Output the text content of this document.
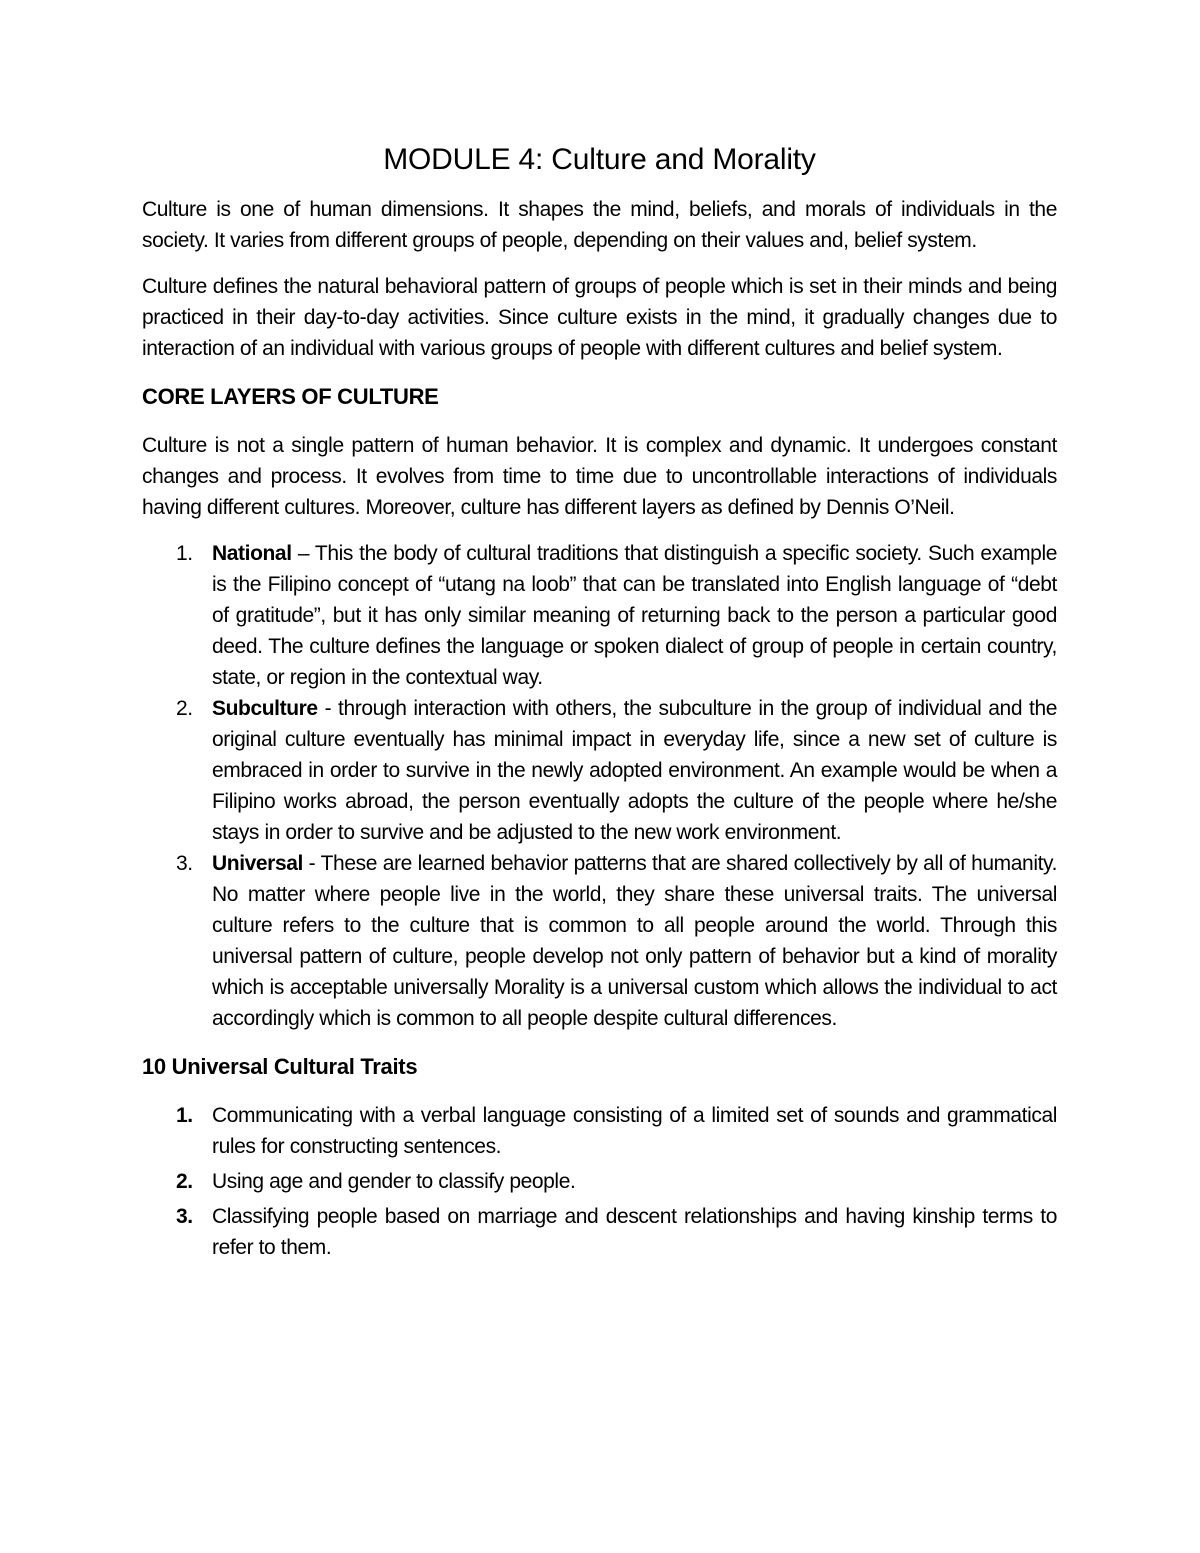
MODULE 4: Culture and Morality

Culture is one of human dimensions. It shapes the mind, beliefs, and morals of individuals in the society. It varies from different groups of people, depending on their values and, belief system.

Culture defines the natural behavioral pattern of groups of people which is set in their minds and being practiced in their day-to-day activities. Since culture exists in the mind, it gradually changes due to interaction of an individual with various groups of people with different cultures and belief system.

CORE LAYERS OF CULTURE

Culture is not a single pattern of human behavior. It is complex and dynamic. It undergoes constant changes and process. It evolves from time to time due to uncontrollable interactions of individuals having different cultures. Moreover, culture has different layers as defined by Dennis O’Neil.

1. National – This the body of cultural traditions that distinguish a specific society. Such example is the Filipino concept of “utang na loob” that can be translated into English language of “debt of gratitude”, but it has only similar meaning of returning back to the person a particular good deed. The culture defines the language or spoken dialect of group of people in certain country, state, or region in the contextual way.
2. Subculture - through interaction with others, the subculture in the group of individual and the original culture eventually has minimal impact in everyday life, since a new set of culture is embraced in order to survive in the newly adopted environment. An example would be when a Filipino works abroad, the person eventually adopts the culture of the people where he/she stays in order to survive and be adjusted to the new work environment.
3. Universal - These are learned behavior patterns that are shared collectively by all of humanity. No matter where people live in the world, they share these universal traits. The universal culture refers to the culture that is common to all people around the world. Through this universal pattern of culture, people develop not only pattern of behavior but a kind of morality which is acceptable universally Morality is a universal custom which allows the individual to act accordingly which is common to all people despite cultural differences.
10 Universal Cultural Traits
1. Communicating with a verbal language consisting of a limited set of sounds and grammatical rules for constructing sentences.
2. Using age and gender to classify people.
3. Classifying people based on marriage and descent relationships and having kinship terms to refer to them.
